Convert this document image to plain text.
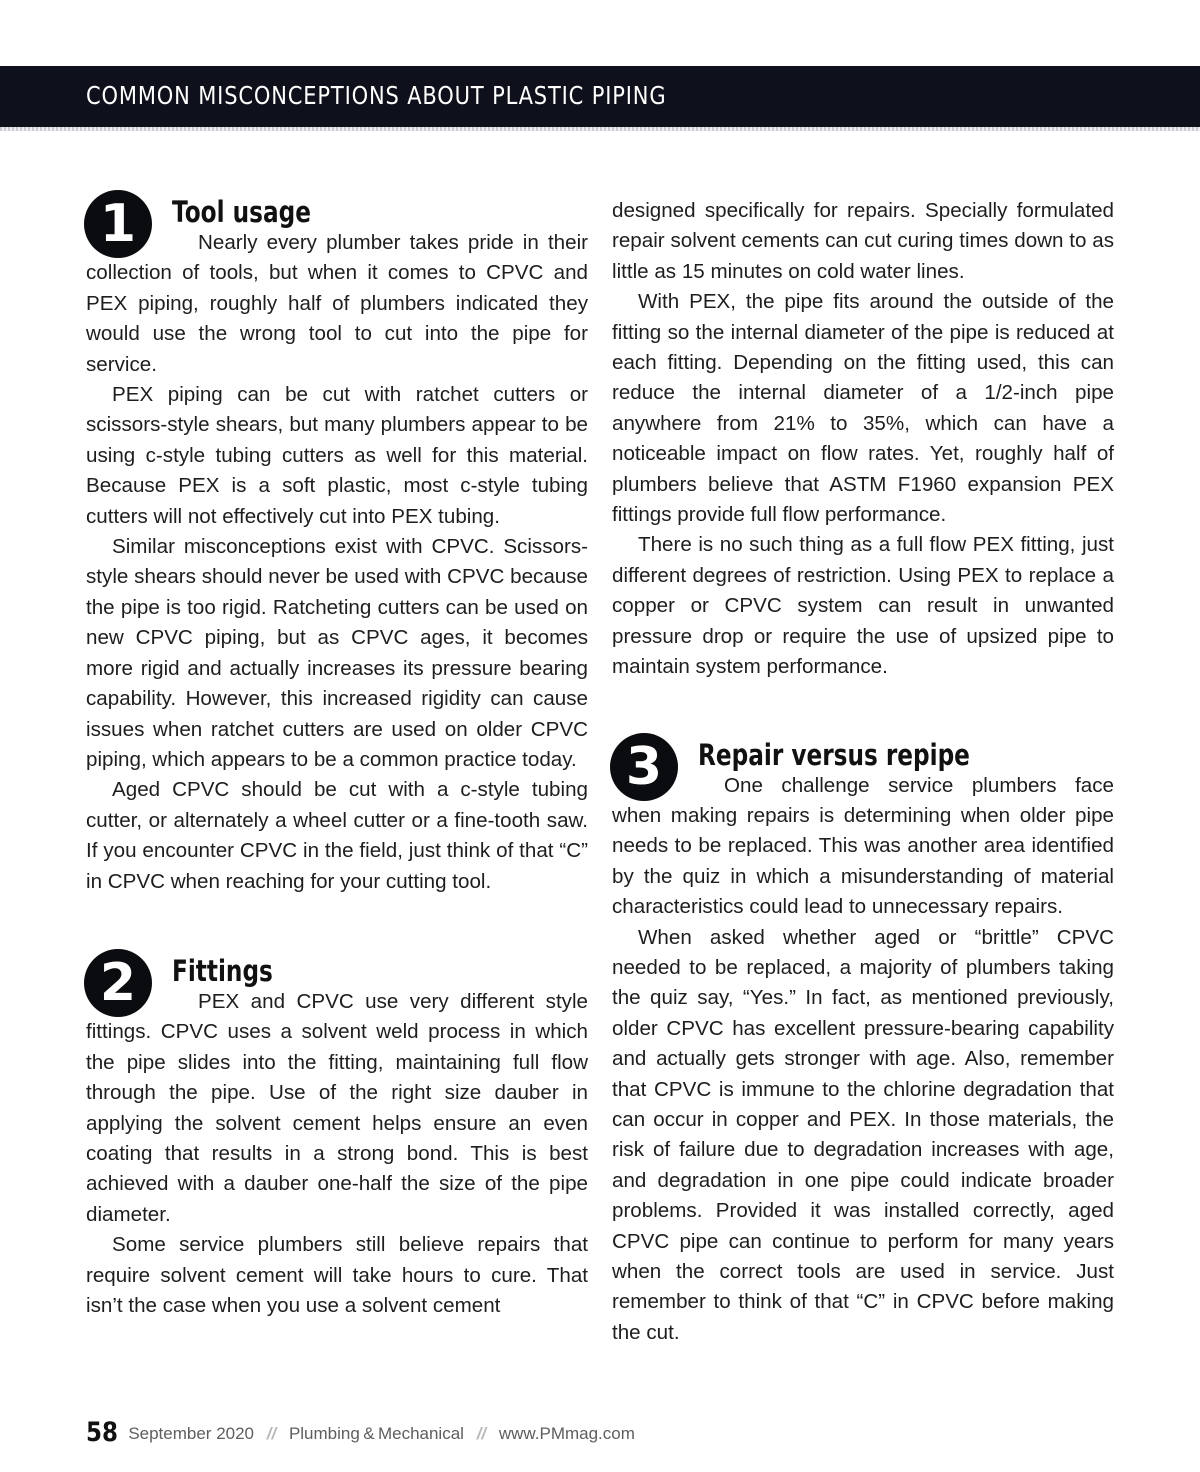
COMMON MISCONCEPTIONS ABOUT PLASTIC PIPING
1	Tool usage

Nearly every plumber takes pride in their collection of tools, but when it comes to CPVC and PEX piping, roughly half of plumbers indicated they would use the wrong tool to cut into the pipe for service.

PEX piping can be cut with ratchet cutters or scissors-style shears, but many plumbers appear to be using c-style tubing cutters as well for this material. Because PEX is a soft plastic, most c-style tubing cutters will not effectively cut into PEX tubing.

Similar misconceptions exist with CPVC. Scissors-style shears should never be used with CPVC because the pipe is too rigid. Ratcheting cutters can be used on new CPVC piping, but as CPVC ages, it becomes more rigid and actually increases its pressure bearing capability. However, this increased rigidity can cause issues when ratchet cutters are used on older CPVC piping, which appears to be a common practice today.

Aged CPVC should be cut with a c-style tubing cutter, or alternately a wheel cutter or a fine-tooth saw. If you encounter CPVC in the field, just think of that “C” in CPVC when reaching for your cutting tool.

2	Fittings

PEX and CPVC use very different style fittings. CPVC uses a solvent weld process in which the pipe slides into the fitting, maintaining full flow through the pipe. Use of the right size dauber in applying the solvent cement helps ensure an even coating that results in a strong bond. This is best achieved with a dauber one-half the size of the pipe diameter.

Some service plumbers still believe repairs that require solvent cement will take hours to cure. That isn’t the case when you use a solvent cement

designed specifically for repairs. Specially formulated repair solvent cements can cut curing times down to as little as 15 minutes on cold water lines.

With PEX, the pipe fits around the outside of the fitting so the internal diameter of the pipe is reduced at each fitting. Depending on the fitting used, this can reduce the internal diameter of a 1/2-inch pipe anywhere from 21% to 35%, which can have a noticeable impact on flow rates. Yet, roughly half of plumbers believe that ASTM F1960 expansion PEX fittings provide full flow performance.

There is no such thing as a full flow PEX fitting, just different degrees of restriction. Using PEX to replace a copper or CPVC system can result in unwanted pressure drop or require the use of upsized pipe to maintain system performance.

3	Repair versus repipe

One challenge service plumbers face when making repairs is determining when older pipe needs to be replaced. This was another area identified by the quiz in which a misunderstanding of material characteristics could lead to unnecessary repairs.

When asked whether aged or “brittle” CPVC needed to be replaced, a majority of plumbers taking the quiz say, “Yes.” In fact, as mentioned previously, older CPVC has excellent pressure-bearing capability and actually gets stronger with age. Also, remember that CPVC is immune to the chlorine degradation that can occur in copper and PEX. In those materials, the risk of failure due to degradation increases with age, and degradation in one pipe could indicate broader problems. Provided it was installed correctly, aged CPVC pipe can continue to perform for many years when the correct tools are used in service. Just remember to think of that “C” in CPVC before making the cut.

58 September 2020 // Plumbing & Mechanical // www.PMmag.com
